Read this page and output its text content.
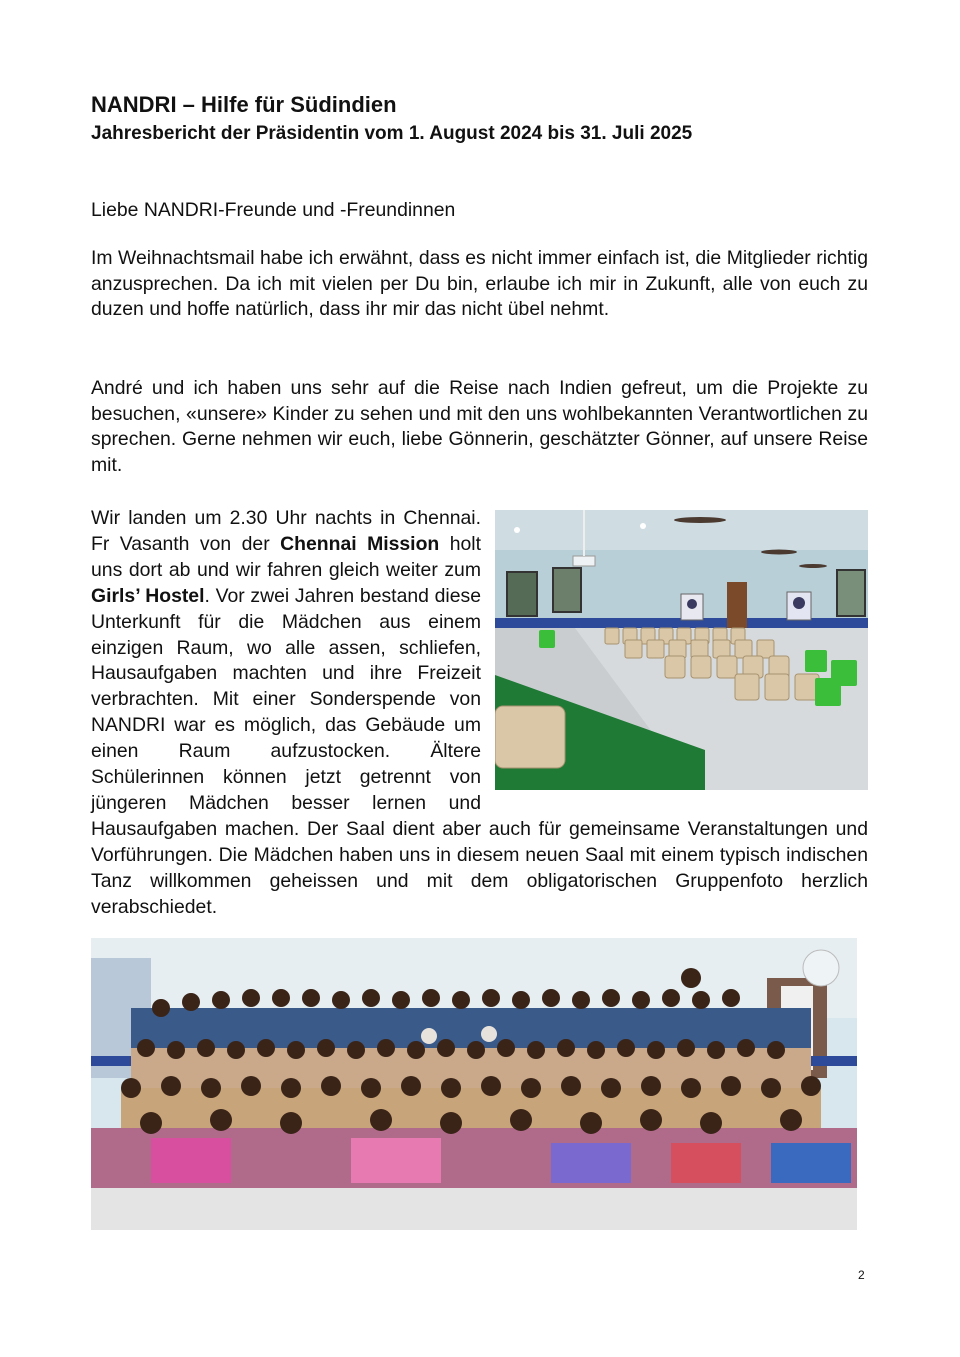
NANDRI – Hilfe für Südindien
Jahresbericht der Präsidentin vom 1. August 2024 bis 31. Juli 2025
Liebe NANDRI-Freunde und -Freundinnen
Im Weihnachtsmail habe ich erwähnt, dass es nicht immer einfach ist, die Mitglieder richtig anzusprechen. Da ich mit vielen per Du bin, erlaube ich mir in Zukunft, alle von euch zu duzen und hoffe natürlich, dass ihr mir das nicht übel nehmt.
André und ich haben uns sehr auf die Reise nach Indien gefreut, um die Projekte zu besuchen, «unsere» Kinder zu sehen und mit den uns wohlbekannten Verantwortlichen zu sprechen. Gerne nehmen wir euch, liebe Gönnerin, geschätzter Gönner, auf unsere Reise mit.
Wir landen um 2.30 Uhr nachts in Chennai. Fr Vasanth von der Chennai Mission holt uns dort ab und wir fahren gleich weiter zum Girls’ Hostel. Vor zwei Jahren bestand diese Unterkunft für die Mädchen aus einem einzigen Raum, wo alle assen, schliefen, Hausaufgaben machten und ihre Freizeit verbrachten. Mit einer Sonderspende von NANDRI war es möglich, das Gebäude um einen Raum aufzustocken. Ältere Schülerinnen können jetzt getrennt von jüngeren Mädchen besser lernen und Hausaufgaben machen. Der Saal dient aber auch für gemeinsame Veranstaltungen und Vorführungen. Die Mädchen haben uns in diesem neuen Saal mit einem typisch indischen Tanz willkommen geheissen und mit dem obligatorischen Gruppenfoto herzlich verabschiedet.
2
